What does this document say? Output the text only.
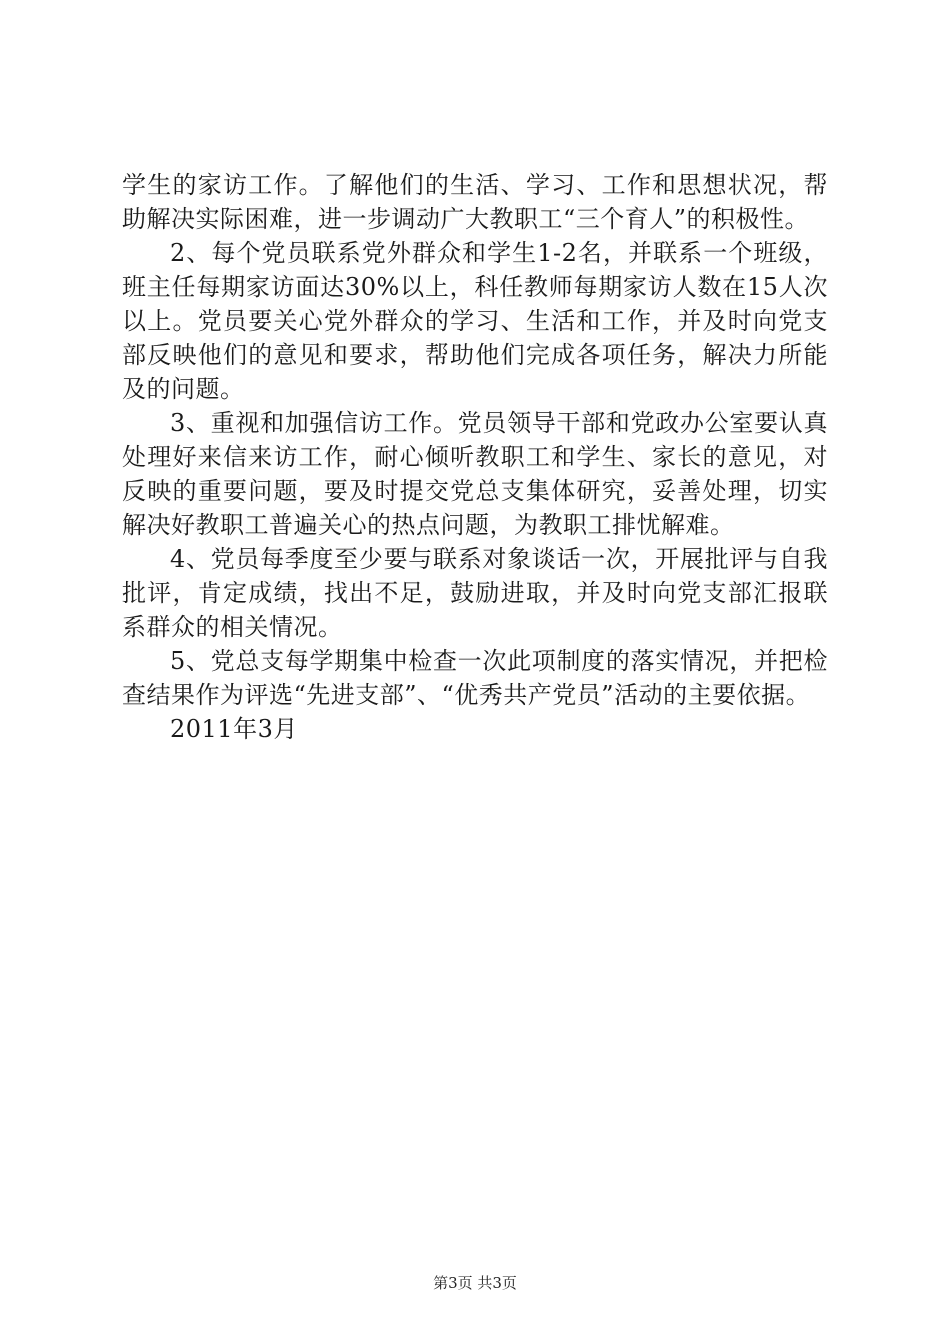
学生的家访工作。了解他们的生活、学习、工作和思想状况，帮助解决实际困难，进一步调动广大教职工“三个育人”的积极性。

2、每个党员联系党外群众和学生1-2名，并联系一个班级，班主任每期家访面达30%以上，科任教师每期家访人数在15人次以上。党员要关心党外群众的学习、生活和工作，并及时向党支部反映他们的意见和要求，帮助他们完成各项任务，解决力所能及的问题。

3、重视和加强信访工作。党员领导干部和党政办公室要认真处理好来信来访工作，耐心倾听教职工和学生、家长的意见，对反映的重要问题，要及时提交党总支集体研究，妥善处理，切实解决好教职工普遍关心的热点问题，为教职工排忧解难。

4、党员每季度至少要与联系对象谈话一次，开展批评与自我批评，肯定成绩，找出不足，鼓励进取，并及时向党支部汇报联系群众的相关情况。

5、党总支每学期集中检查一次此项制度的落实情况，并把检查结果作为评选“先进支部”、“优秀共产党员”活动的主要依据。

2011年3月

第3页 共3页
